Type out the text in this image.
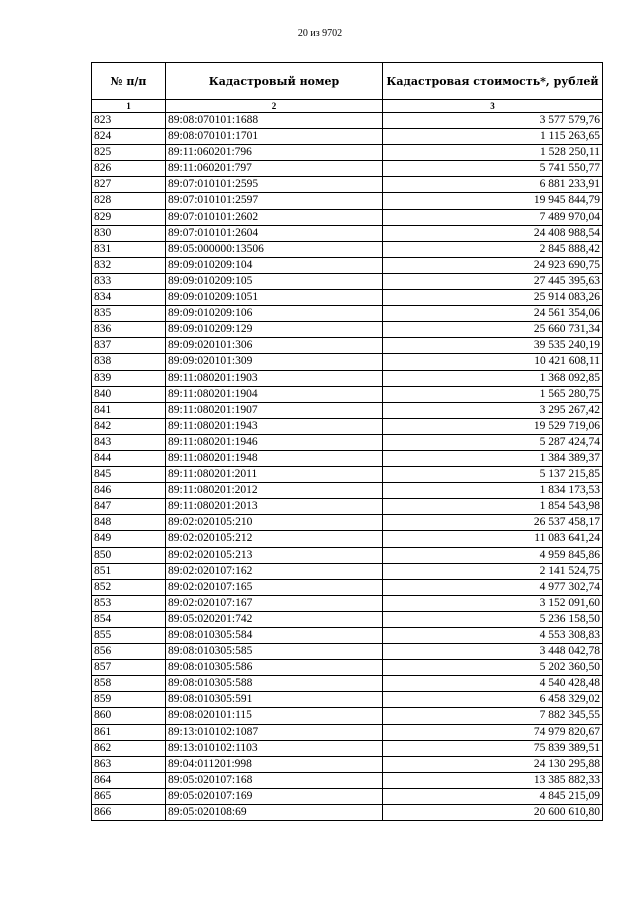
20 из 9702
№ п/п	Кадастровый номер	Кадастровая стоимость*, рублей
1	2	3
823	89:08:070101:1688	3 577 579,76
824	89:08:070101:1701	1 115 263,65
825	89:11:060201:796	1 528 250,11
826	89:11:060201:797	5 741 550,77
827	89:07:010101:2595	6 881 233,91
828	89:07:010101:2597	19 945 844,79
829	89:07:010101:2602	7 489 970,04
830	89:07:010101:2604	24 408 988,54
831	89:05:000000:13506	2 845 888,42
832	89:09:010209:104	24 923 690,75
833	89:09:010209:105	27 445 395,63
834	89:09:010209:1051	25 914 083,26
835	89:09:010209:106	24 561 354,06
836	89:09:010209:129	25 660 731,34
837	89:09:020101:306	39 535 240,19
838	89:09:020101:309	10 421 608,11
839	89:11:080201:1903	1 368 092,85
840	89:11:080201:1904	1 565 280,75
841	89:11:080201:1907	3 295 267,42
842	89:11:080201:1943	19 529 719,06
843	89:11:080201:1946	5 287 424,74
844	89:11:080201:1948	1 384 389,37
845	89:11:080201:2011	5 137 215,85
846	89:11:080201:2012	1 834 173,53
847	89:11:080201:2013	1 854 543,98
848	89:02:020105:210	26 537 458,17
849	89:02:020105:212	11 083 641,24
850	89:02:020105:213	4 959 845,86
851	89:02:020107:162	2 141 524,75
852	89:02:020107:165	4 977 302,74
853	89:02:020107:167	3 152 091,60
854	89:05:020201:742	5 236 158,50
855	89:08:010305:584	4 553 308,83
856	89:08:010305:585	3 448 042,78
857	89:08:010305:586	5 202 360,50
858	89:08:010305:588	4 540 428,48
859	89:08:010305:591	6 458 329,02
860	89:08:020101:115	7 882 345,55
861	89:13:010102:1087	74 979 820,67
862	89:13:010102:1103	75 839 389,51
863	89:04:011201:998	24 130 295,88
864	89:05:020107:168	13 385 882,33
865	89:05:020107:169	4 845 215,09
866	89:05:020108:69	20 600 610,80
